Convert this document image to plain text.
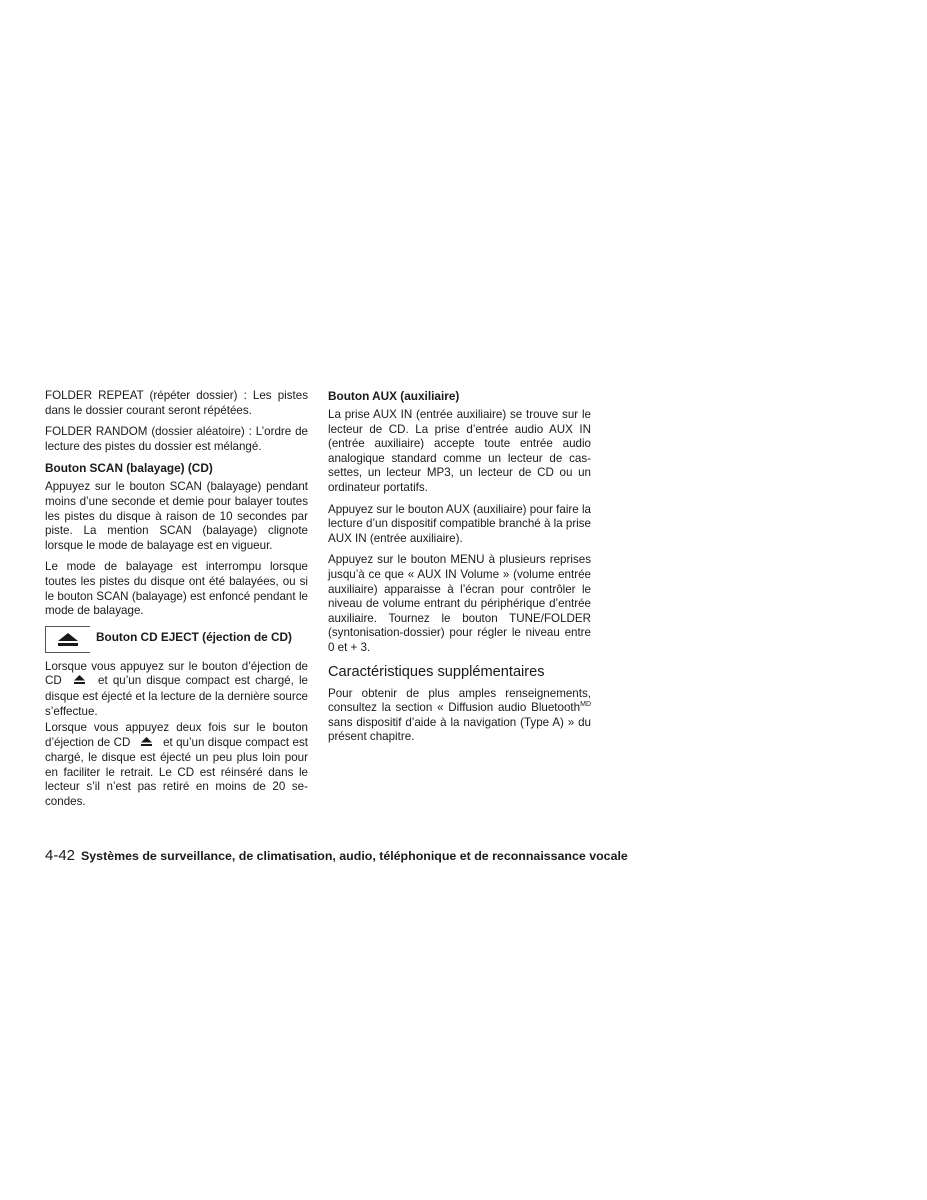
FOLDER REPEAT (répéter dossier) : Les pistes dans le dossier courant seront répétées.

FOLDER RANDOM (dossier aléatoire) : L’ordre de lecture des pistes du dossier est mélangé.

Bouton SCAN (balayage) (CD)

Appuyez sur le bouton SCAN (balayage) pendant moins d’une seconde et demie pour balayer toutes les pistes du disque à raison de 10 secondes par piste. La mention SCAN (balayage) clignote lorsque le mode de balayage est en vigueur.

Le mode de balayage est interrompu lorsque toutes les pistes du disque ont été balayées, ou si le bouton SCAN (balayage) est enfoncé pendant le mode de balayage.

Bouton CD EJECT (éjection de CD)

Lorsque vous appuyez sur le bouton d’éjection de CD	et qu’un disque compact est chargé, le disque est éjecté et la lecture de la dernière source s’effectue.

Lorsque vous appuyez deux fois sur le bouton d’éjection de CD	et qu’un disque compact est chargé, le disque est éjecté un peu plus loin pour en faciliter le retrait. Le CD est réinséré dans le lecteur s’il n’est pas retiré en moins de 20 secondes.

Bouton AUX (auxiliaire)

La prise AUX IN (entrée auxiliaire) se trouve sur le lecteur de CD. La prise d’entrée audio AUX IN (entrée auxiliaire) accepte toute entrée audio analogique standard comme un lecteur de cassettes, un lecteur MP3, un lecteur de CD ou un ordinateur portatifs.

Appuyez sur le bouton AUX (auxiliaire) pour faire la lecture d’un dispositif compatible branché à la prise AUX IN (entrée auxiliaire).

Appuyez sur le bouton MENU à plusieurs reprises jusqu’à ce que « AUX IN Volume » (volume entrée auxiliaire) apparaisse à l’écran pour contrôler le niveau de volume entrant du périphérique d’entrée auxiliaire. Tournez le bouton TUNE/FOLDER (syntonisation-dossier) pour régler le niveau entre 0 et + 3.

Caractéristiques supplémentaires

Pour obtenir de plus amples renseignements, consultez la section « Diffusion audio Bluetooth$^{MD}$ sans dispositif d’aide à la navigation (Type A) » du présent chapitre.

4-42 Systèmes de surveillance, de climatisation, audio, téléphonique et de reconnaissance vocale
